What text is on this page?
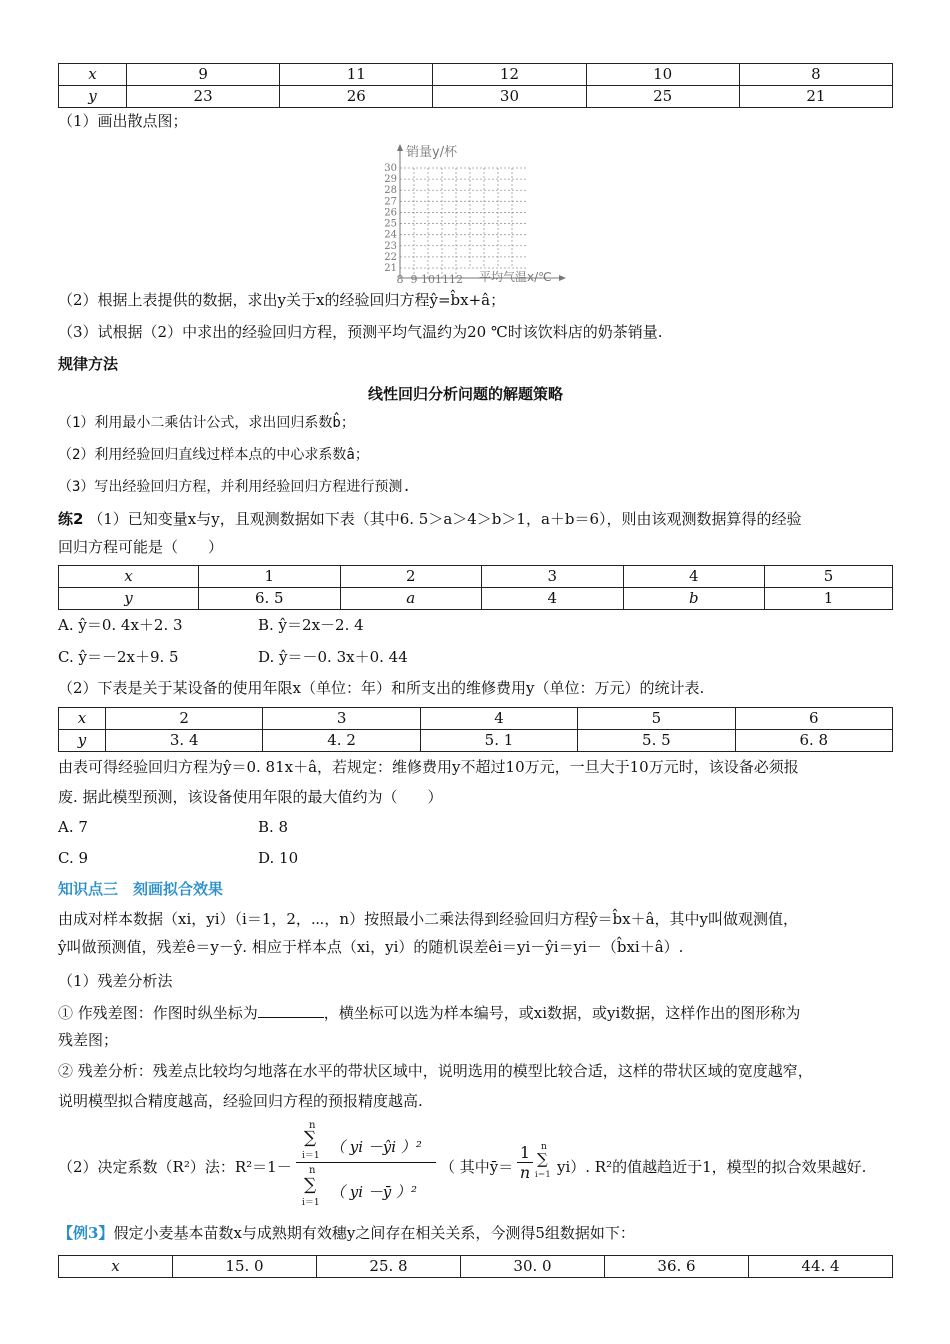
x	9	11	12	10	8
y	23	26	30	25	21
（1）画出散点图；
销量y/杯
平均气温x/℃
30
29
28
27
26
25
24
23
22
21
8 9 10 11 12
（2）根据上表提供的数据，求出y关于x的经验回归方程ŷ=b̂x+â；
（3）试根据（2）中求出的经验回归方程，预测平均气温约为20 ℃时该饮料店的奶茶销量.
规律方法
线性回归分析问题的解题策略
（1）利用最小二乘估计公式，求出回归系数b̂；
（2）利用经验回归直线过样本点的中心求系数â；
（3）写出经验回归方程，并利用经验回归方程进行预测.
练2 （1）已知变量x与y，且观测数据如下表（其中6. 5＞a＞4＞b＞1，a＋b＝6），则由该观测数据算得的经验
回归方程可能是（　　）
x	1	2	3	4	5
y	6. 5	a	4	b	1
A. ŷ＝0. 4x＋2. 3	B. ŷ＝2x－2. 4
C. ŷ＝－2x＋9. 5	D. ŷ＝－0. 3x＋0. 44
（2）下表是关于某设备的使用年限x（单位：年）和所支出的维修费用y（单位：万元）的统计表.
x	2	3	4	5	6
y	3. 4	4. 2	5. 1	5. 5	6. 8
由表可得经验回归方程为ŷ＝0. 81x＋â，若规定：维修费用y不超过10万元，一旦大于10万元时，该设备必须报
废. 据此模型预测，该设备使用年限的最大值约为（　　）
A. 7	B. 8
C. 9	D. 10
知识点三　刻画拟合效果
由成对样本数据（xi，yi）（i＝1，2，⋯，n）按照最小二乘法得到经验回归方程ŷ＝b̂x＋â，其中y叫做观测值，
ŷ叫做预测值，残差ê＝y－ŷ. 相应于样本点（xi，yi）的随机误差êi＝yi－ŷi＝yi－（b̂xi＋â）.
（1）残差分析法
① 作残差图：作图时纵坐标为	，横坐标可以选为样本编号，或xi数据，或yi数据，这样作出的图形称为
残差图；
② 残差分析：残差点比较均匀地落在水平的带状区域中，说明选用的模型比较合适，这样的带状区域的宽度越窄，
说明模型拟合精度越高，经验回归方程的预报精度越高.
（2）决定系数（R²）法：R²＝1－
n
∑
i＝1 （ yi －ŷi ）²
n
∑
i＝1
（ yi －ȳ ）²
（ 其中ȳ＝ $\frac{1}{n}$ n
∑
i＝1 yi）. R²的值越趋近于1，模型的拟合效果越好.
【例3】假定小麦基本苗数x与成熟期有效穗y之间存在相关关系，今测得5组数据如下：
x	15. 0	25. 8	30. 0	36. 6	44. 4
